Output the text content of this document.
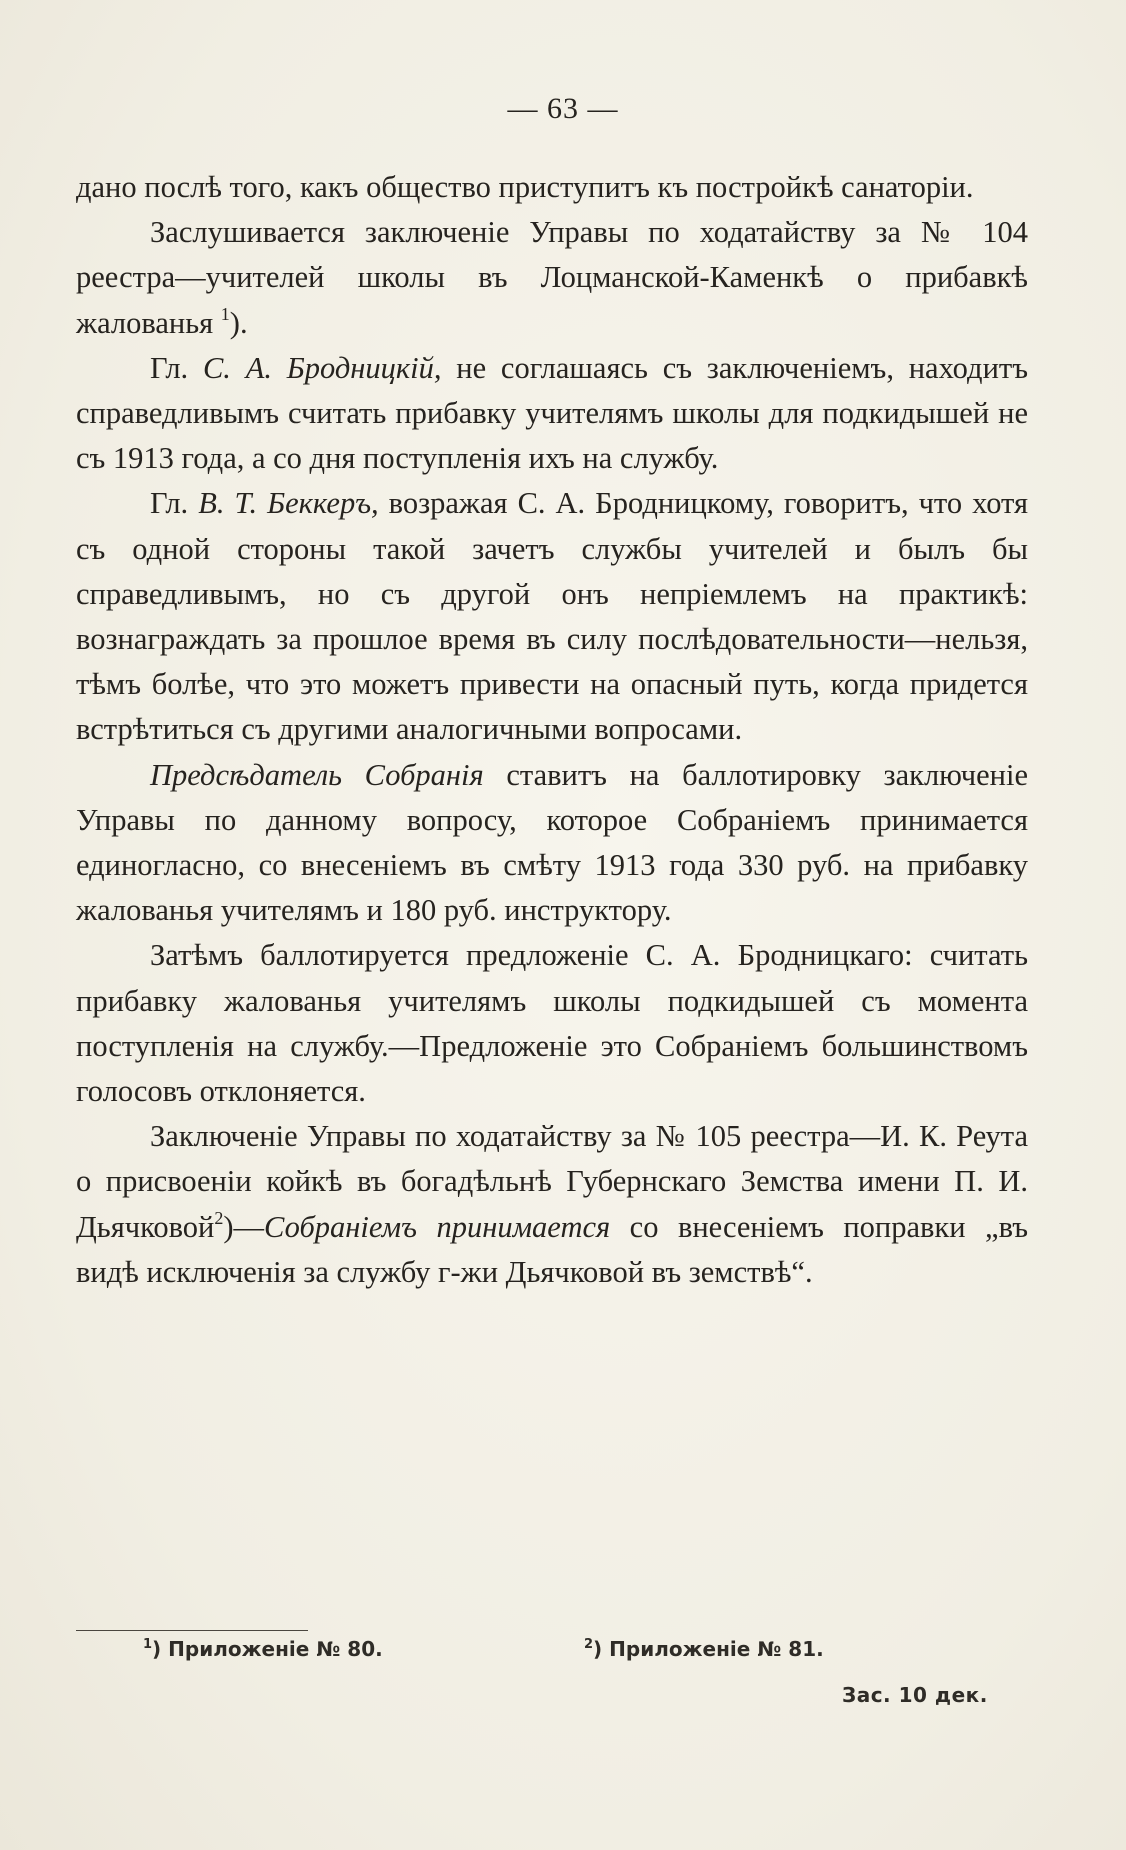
— 63 —

дано послѣ того, какъ общество приступитъ къ постройкѣ санаторіи.

Заслушивается заключеніе Управы по ходатайству за № 104 реестра—учителей школы въ Лоцманской-Каменкѣ о прибавкѣ жалованья $^1$).

Гл. С. А. Бродницкій, не соглашаясь съ заключеніемъ, находитъ справедливымъ считать прибавку учителямъ школы для подкидышей не съ 1913 года, а со дня поступленія ихъ на службу.

Гл. В. Т. Беккеръ, возражая С. А. Бродницкому, говоритъ, что хотя съ одной стороны такой зачетъ службы учителей и былъ бы справедливымъ, но съ другой онъ непріемлемъ на практикѣ: вознаграждать за прошлое время въ силу послѣдовательности—нельзя, тѣмъ болѣе, что это можетъ привести на опасный путь, когда придется встрѣтиться съ другими аналогичными вопросами.

Предсѣдатель Собранія ставитъ на баллотировку заключеніе Управы по данному вопросу, которое Собраніемъ принимается единогласно, со внесеніемъ въ смѣту 1913 года 330 руб. на прибавку жалованья учителямъ и 180 руб. инструктору.

Затѣмъ баллотируется предложеніе С. А. Бродницкаго: считать прибавку жалованья учителямъ школы подкидышей съ момента поступленія на службу.—Предложеніе это Собраніемъ большинствомъ голосовъ отклоняется.

Заключеніе Управы по ходатайству за № 105 реестра—И. К. Реута о присвоеніи койкѣ въ богадѣльнѣ Губернскаго Земства имени П. И. Дьячковой$^2$)—Собраніемъ принимается со внесеніемъ поправки „въ видѣ исключенія за службу г-жи Дьячковой въ земствѣ“.

$^1$) Приложеніе № 80.	$^2$) Приложеніе № 81.
Зас. 10 дек.
